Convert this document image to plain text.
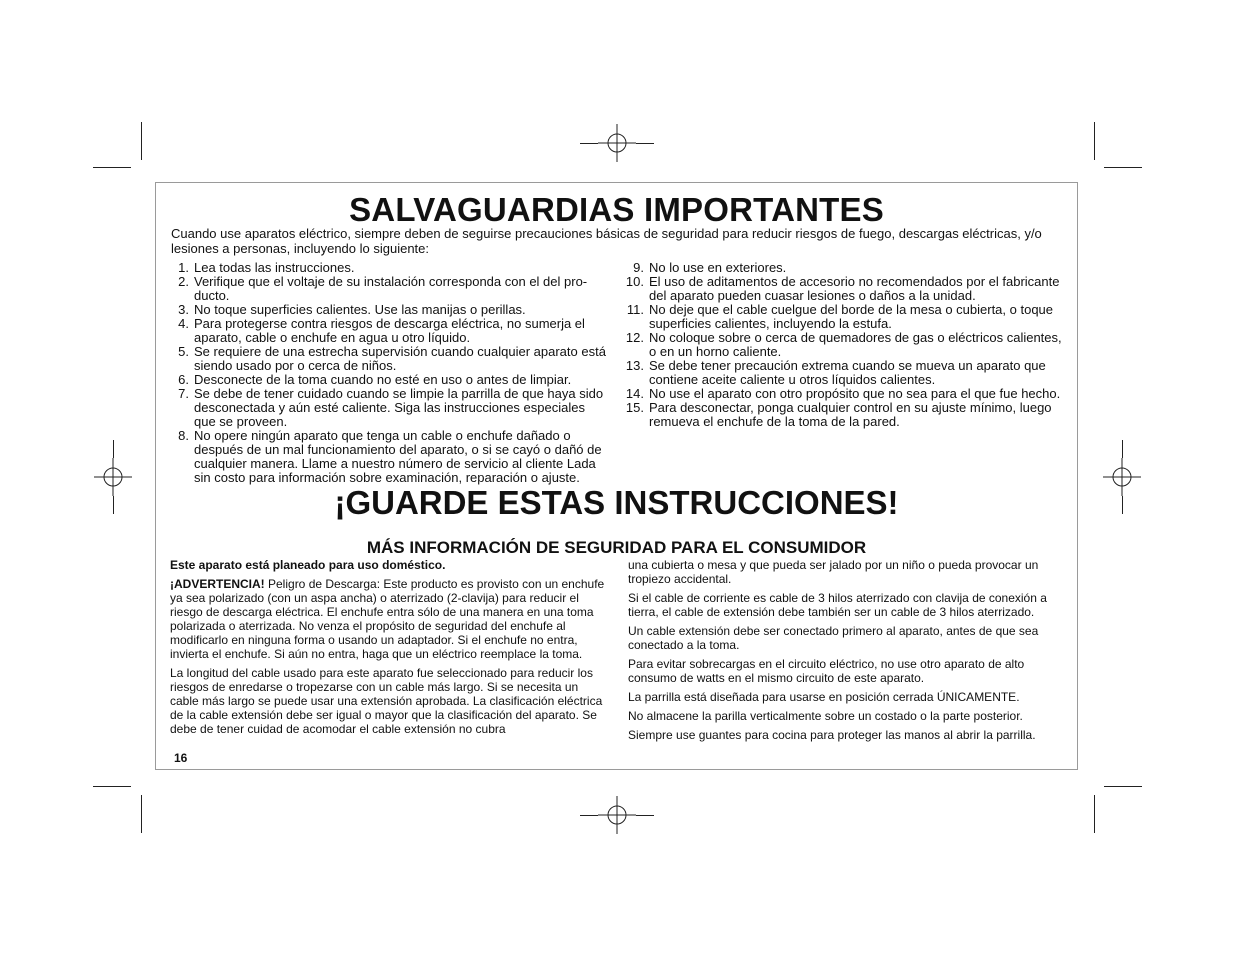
SALVAGUARDIAS IMPORTANTES
Cuando use aparatos eléctrico, siempre deben de seguirse precauciones básicas de seguridad para reducir riesgos de fuego, descargas eléctricas, y/o lesiones a personas, incluyendo lo siguiente:
1. Lea todas las instrucciones.
2. Verifique que el voltaje de su instalación corresponda con el del pro-ducto.
3. No toque superficies calientes. Use las manijas o perillas.
4. Para protegerse contra riesgos de descarga eléctrica, no sumerja el aparato, cable o enchufe en agua u otro líquido.
5. Se requiere de una estrecha supervisión cuando cualquier aparato está siendo usado por o cerca de niños.
6. Desconecte de la toma cuando no esté en uso o antes de limpiar.
7. Se debe de tener cuidado cuando se limpie la parrilla de que haya sido desconectada y aún esté caliente. Siga las instrucciones especiales que se proveen.
8. No opere ningún aparato que tenga un cable o enchufe dañado o después de un mal funcionamiento del aparato, o si se cayó o dañó de cualquier manera. Llame a nuestro número de servicio al cliente Lada sin costo para información sobre examinación, reparación o ajuste.
9. No lo use en exteriores.
10. El uso de aditamentos de accesorio no recomendados por el fabricante del aparato pueden cuasar lesiones o daños a la unidad.
11. No deje que el cable cuelgue del borde de la mesa o cubierta, o toque superficies calientes, incluyendo la estufa.
12. No coloque sobre o cerca de quemadores de gas o eléctricos calientes, o en un horno caliente.
13. Se debe tener precaución extrema cuando se mueva un aparato que contiene aceite caliente u otros líquidos calientes.
14. No use el aparato con otro propósito que no sea para el que fue hecho.
15. Para desconectar, ponga cualquier control en su ajuste mínimo, luego remueva el enchufe de la toma de la pared.
¡GUARDE ESTAS INSTRUCCIONES!
MÁS INFORMACIÓN DE SEGURIDAD PARA EL CONSUMIDOR

Este aparato está planeado para uso doméstico.

¡ADVERTENCIA! Peligro de Descarga: Este producto es provisto con un enchufe ya sea polarizado (con un aspa ancha) o aterrizado (2-clavija) para reducir el riesgo de descarga eléctrica. El enchufe entra sólo de una manera en una toma polarizada o aterrizada. No venza el propósito de seguridad del enchufe al modificarlo en ninguna forma o usando un adaptador. Si el enchufe no entra, invierta el enchufe. Si aún no entra, haga que un eléctrico reemplace la toma.

La longitud del cable usado para este aparato fue seleccionado para reducir los riesgos de enredarse o tropezarse con un cable más largo. Si se necesita un cable más largo se puede usar una extensión aprobada. La clasificación eléctrica de la cable extensión debe ser igual o mayor que la clasificación del aparato. Se debe de tener cuidad de acomodar el cable extensión no cubra

una cubierta o mesa y que pueda ser jalado por un niño o pueda provocar un tropiezo accidental.

Si el cable de corriente es cable de 3 hilos aterrizado con clavija de conexión a tierra, el cable de extensión debe también ser un cable de 3 hilos aterrizado.

Un cable extensión debe ser conectado primero al aparato, antes de que sea conectado a la toma.

Para evitar sobrecargas en el circuito eléctrico, no use otro aparato de alto consumo de watts en el mismo circuito de este aparato.

La parrilla está diseñada para usarse en posición cerrada ÚNICAMENTE.

No almacene la parilla verticalmente sobre un costado o la parte posterior.

Siempre use guantes para cocina para proteger las manos al abrir la parrilla.

16
